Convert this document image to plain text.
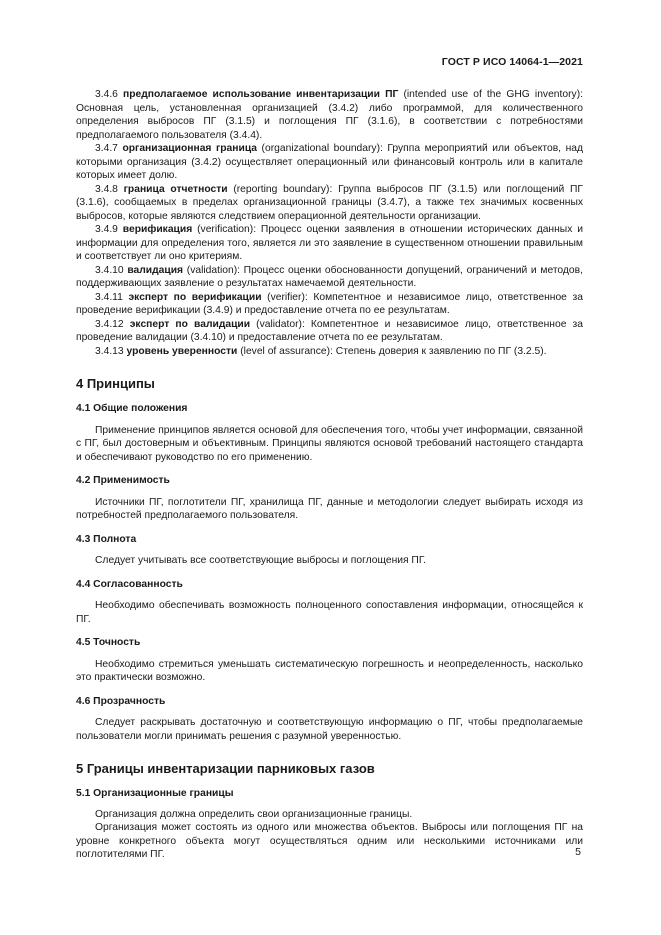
ГОСТ Р ИСО 14064-1—2021

3.4.6 предполагаемое использование инвентаризации ПГ (intended use of the GHG inventory): Основная цель, установленная организацией (3.4.2) либо программой, для количественного определения выбросов ПГ (3.1.5) и поглощения ПГ (3.1.6), в соответствии с потребностями предполагаемого пользователя (3.4.4).

3.4.7 организационная граница (organizational boundary): Группа мероприятий или объектов, над которыми организация (3.4.2) осуществляет операционный или финансовый контроль или в капитале которых имеет долю.

3.4.8 граница отчетности (reporting boundary): Группа выбросов ПГ (3.1.5) или поглощений ПГ (3.1.6), сообщаемых в пределах организационной границы (3.4.7), а также тех значимых косвенных выбросов, которые являются следствием операционной деятельности организации.

3.4.9 верификация (verification): Процесс оценки заявления в отношении исторических данных и информации для определения того, является ли это заявление в существенном отношении правильным и соответствует ли оно критериям.

3.4.10 валидация (validation): Процесс оценки обоснованности допущений, ограничений и методов, поддерживающих заявление о результатах намечаемой деятельности.

3.4.11 эксперт по верификации (verifier): Компетентное и независимое лицо, ответственное за проведение верификации (3.4.9) и предоставление отчета по ее результатам.

3.4.12 эксперт по валидации (validator): Компетентное и независимое лицо, ответственное за проведение валидации (3.4.10) и предоставление отчета по ее результатам.

3.4.13 уровень уверенности (level of assurance): Степень доверия к заявлению по ПГ (3.2.5).

4 Принципы
4.1 Общие положения

Применение принципов является основой для обеспечения того, чтобы учет информации, связанной с ПГ, был достоверным и объективным. Принципы являются основой требований настоящего стандарта и обеспечивают руководство по его применению.

4.2 Применимость

Источники ПГ, поглотители ПГ, хранилища ПГ, данные и методологии следует выбирать исходя из потребностей предполагаемого пользователя.

4.3 Полнота

Следует учитывать все соответствующие выбросы и поглощения ПГ.

4.4 Согласованность

Необходимо обеспечивать возможность полноценного сопоставления информации, относящейся к ПГ.

4.5 Точность

Необходимо стремиться уменьшать систематическую погрешность и неопределенность, насколько это практически возможно.

4.6 Прозрачность

Следует раскрывать достаточную и соответствующую информацию о ПГ, чтобы предполагаемые пользователи могли принимать решения с разумной уверенностью.

5 Границы инвентаризации парниковых газов
5.1 Организационные границы

Организация должна определить свои организационные границы.

Организация может состоять из одного или множества объектов. Выбросы или поглощения ПГ на уровне конкретного объекта могут осуществляться одним или несколькими источниками или поглотителями ПГ.	5
